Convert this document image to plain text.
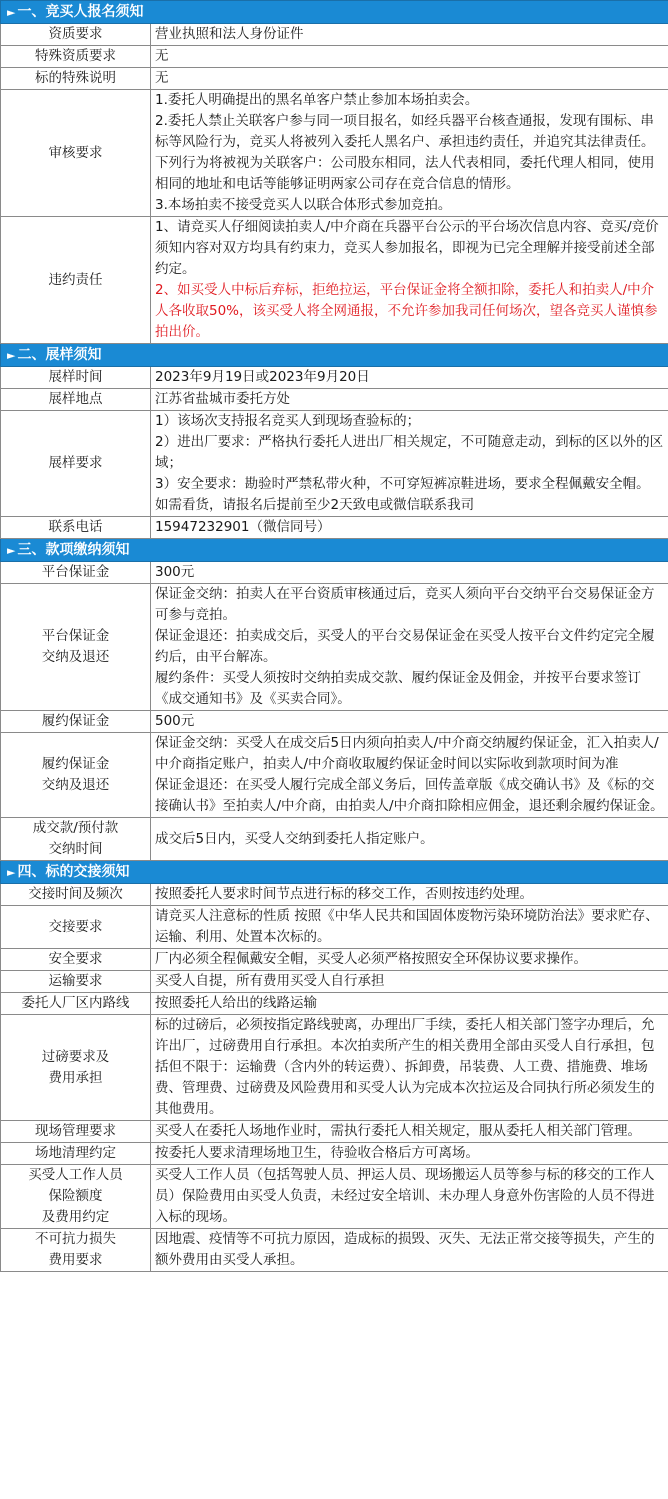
► 一、竞买人报名须知	

资质要求	营业执照和法人身份证件

特殊资质要求	无

标的特殊说明	无

审核要求	1.委托人明确提出的黑名单客户禁止参加本场拍卖会。
2.委托人禁止关联客户参与同一项目报名，如经兵器平台核查通报，发现有围标、串标等风险行为，竞买人将被列入委托人黑名户、承担违约责任，并追究其法律责任。下列行为将被视为关联客户：公司股东相同，法人代表相同，委托代理人相同，使用相同的地址和电话等能够证明两家公司存在竞合信息的情形。
3.本场拍卖不接受竞买人以联合体形式参加竞拍。

违约责任	1、请竞买人仔细阅读拍卖人/中介商在兵器平台公示的平台场次信息内容、竞买/竞价须知内容对双方均具有约束力，竞买人参加报名，即视为已完全理解并接受前述全部约定。
2、如买受人中标后弃标，拒绝拉运，平台保证金将全额扣除，委托人和拍卖人/中介人各收取50%，该买受人将全网通报，不允许参加我司任何场次，望各竞买人谨慎参拍出价。

► 二、展样须知	

展样时间	2023年9月19日或2023年9月20日

展样地点	江苏省盐城市委托方处

展样要求	1）该场次支持报名竞买人到现场查验标的；
2）进出厂要求：严格执行委托人进出厂相关规定，不可随意走动，到标的区以外的区域；
3）安全要求：勘验时严禁私带火种，不可穿短裤凉鞋进场，要求全程佩戴安全帽。
如需看货，请报名后提前至少2天致电或微信联系我司

联系电话	15947232901（微信同号）

► 三、款项缴纳须知	

平台保证金	300元

平台保证金
交纳及退还	保证金交纳：拍卖人在平台资质审核通过后，竞买人须向平台交纳平台交易保证金方可参与竞拍。
保证金退还：拍卖成交后，买受人的平台交易保证金在买受人按平台文件约定完全履约后，由平台解冻。
履约条件：买受人须按时交纳拍卖成交款、履约保证金及佣金，并按平台要求签订《成交通知书》及《买卖合同》。

履约保证金	500元

履约保证金
交纳及退还	保证金交纳：买受人在成交后5日内须向拍卖人/中介商交纳履约保证金，汇入拍卖人/中介商指定账户，拍卖人/中介商收取履约保证金时间以实际收到款项时间为准
保证金退还：在买受人履行完成全部义务后，回传盖章版《成交确认书》及《标的交接确认书》至拍卖人/中介商，由拍卖人/中介商扣除相应佣金，退还剩余履约保证金。

成交款/预付款
交纳时间	成交后5日内，买受人交纳到委托人指定账户。

► 四、标的交接须知	

交接时间及频次	按照委托人要求时间节点进行标的移交工作，否则按违约处理。

交接要求	请竞买人注意标的性质 按照《中华人民共和国固体废物污染环境防治法》要求贮存、运输、利用、处置本次标的。

安全要求	厂内必须全程佩戴安全帽，买受人必须严格按照安全环保协议要求操作。

运输要求	买受人自提，所有费用买受人自行承担

委托人厂区内路线	按照委托人给出的线路运输

过磅要求及
费用承担	标的过磅后，必须按指定路线驶离，办理出厂手续，委托人相关部门签字办理后，允许出厂，过磅费用自行承担。本次拍卖所产生的相关费用全部由买受人自行承担，包括但不限于：运输费（含内外的转运费）、拆卸费，吊装费、人工费、措施费、堆场费、管理费、过磅费及风险费用和买受人认为完成本次拉运及合同执行所必须发生的其他费用。

现场管理要求	买受人在委托人场地作业时，需执行委托人相关规定，服从委托人相关部门管理。

场地清理约定	按委托人要求清理场地卫生，待验收合格后方可离场。

买受人工作人员
保险额度
及费用约定	买受人工作人员（包括驾驶人员、押运人员、现场搬运人员等参与标的移交的工作人员）保险费用由买受人负责，未经过安全培训、未办理人身意外伤害险的人员不得进入标的现场。

不可抗力损失
费用要求	因地震、疫情等不可抗力原因，造成标的损毁、灭失、无法正常交接等损失，产生的额外费用由买受人承担。
